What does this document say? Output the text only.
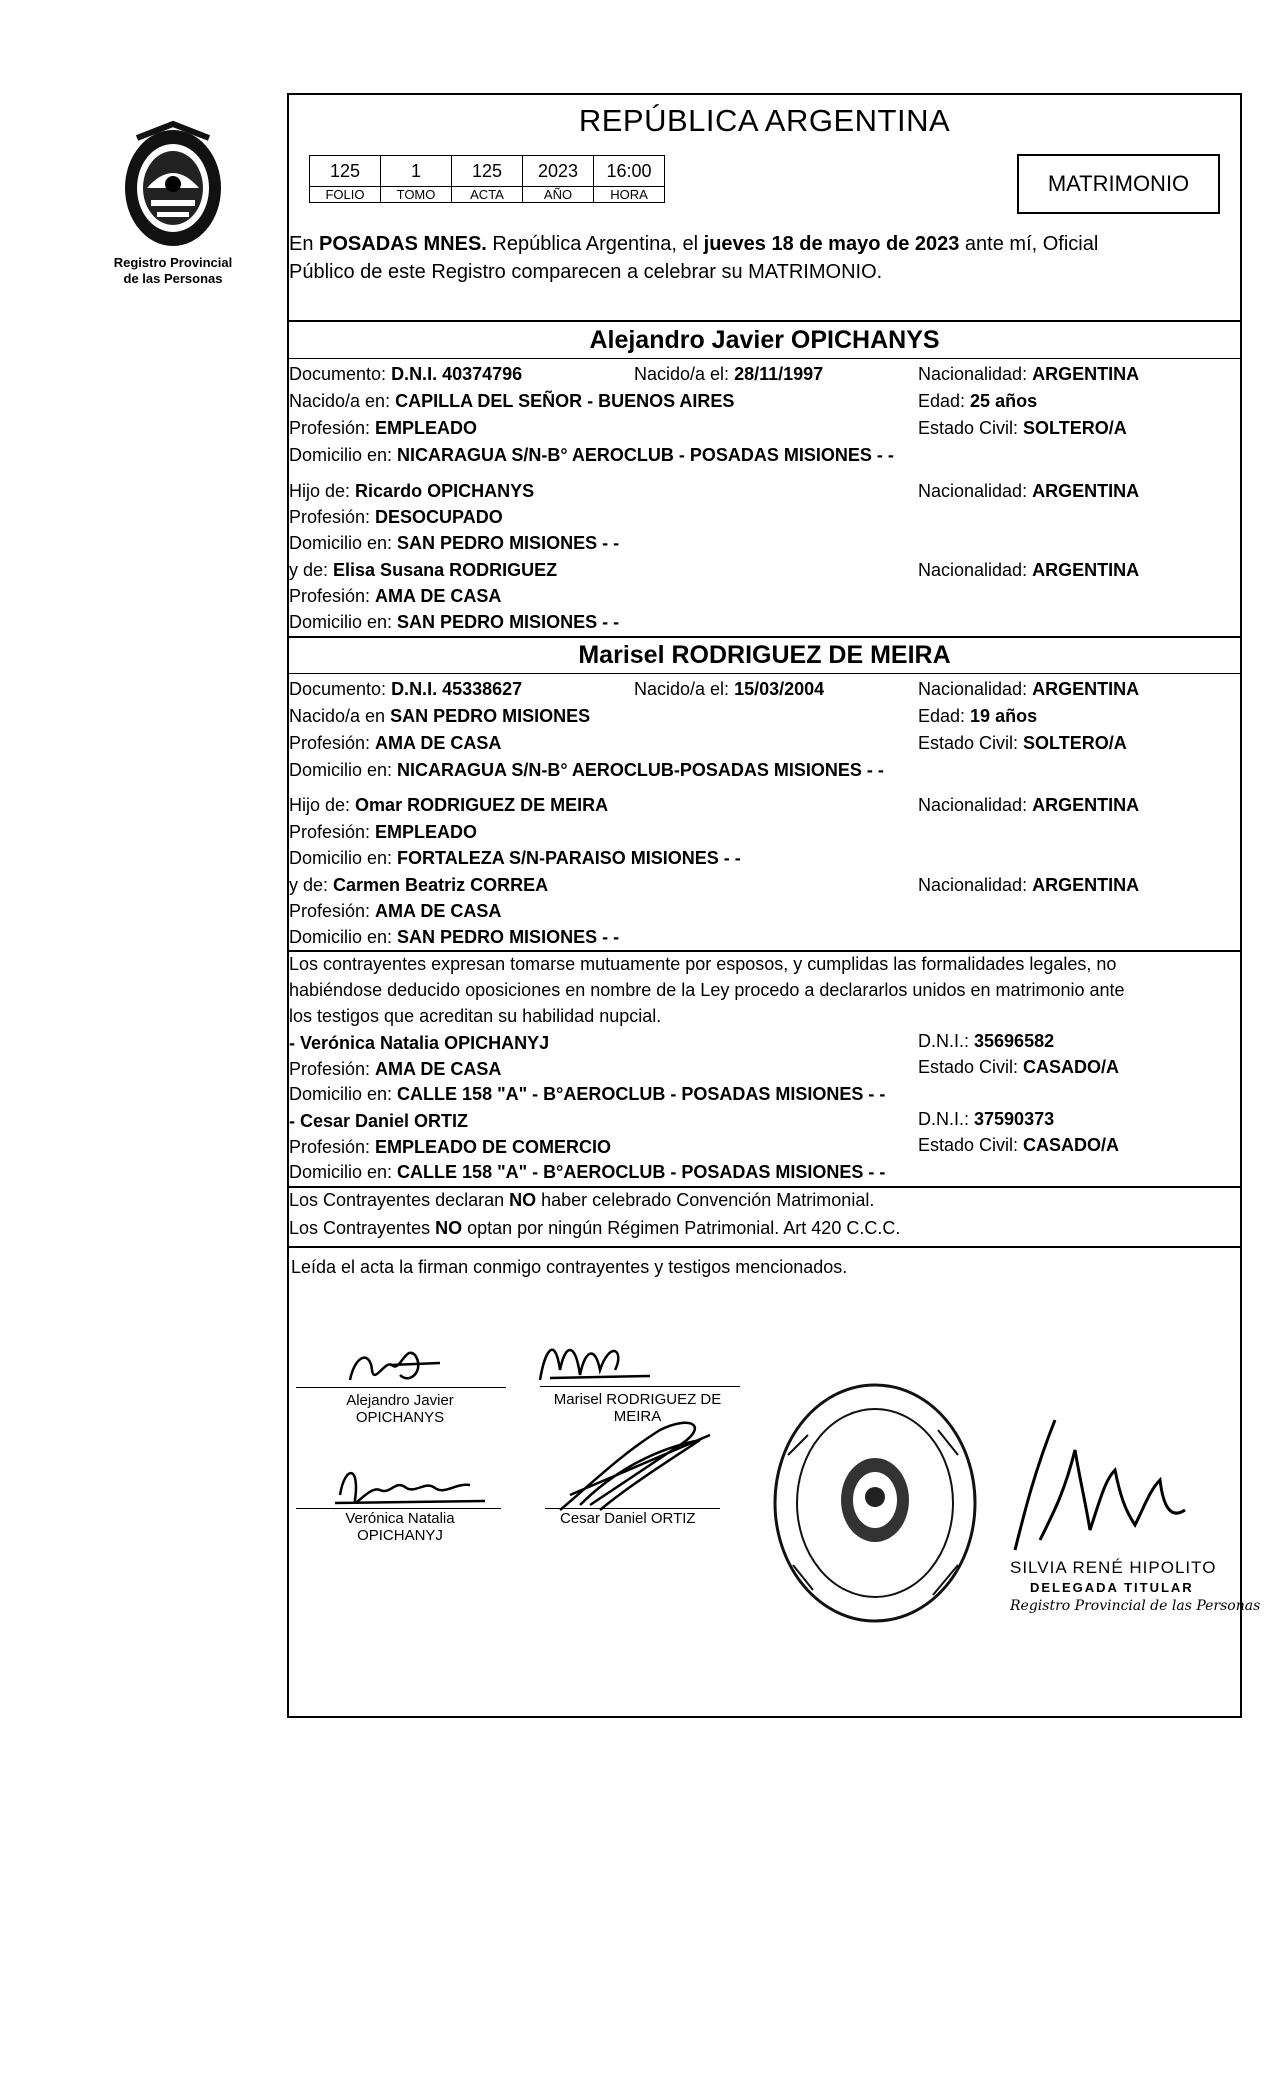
Registro Provincial
de las Personas
REPÚBLICA ARGENTINA
125	1	125	2023	16:00
FOLIO	TOMO	ACTA	AÑO	HORA	MATRIMONIO
En POSADAS MNES. República Argentina, el jueves 18 de mayo de 2023 ante mí, Oficial
Público de este Registro comparecen a celebrar su MATRIMONIO.
Alejandro Javier OPICHANYS
Documento: D.N.I. 40374796	Nacido/a el: 28/11/1997	Nacionalidad: ARGENTINA
Nacido/a en: CAPILLA DEL SEÑOR - BUENOS AIRES	Edad: 25 años
Profesión: EMPLEADO	Estado Civil: SOLTERO/A
Domicilio en: NICARAGUA S/N-B° AEROCLUB - POSADAS MISIONES - -
Hijo de: Ricardo OPICHANYS	Nacionalidad: ARGENTINA
Profesión: DESOCUPADO
Domicilio en: SAN PEDRO MISIONES - -
y de: Elisa Susana RODRIGUEZ	Nacionalidad: ARGENTINA
Profesión: AMA DE CASA
Domicilio en: SAN PEDRO MISIONES - -
Marisel RODRIGUEZ DE MEIRA
Documento: D.N.I. 45338627	Nacido/a el: 15/03/2004	Nacionalidad: ARGENTINA
Nacido/a en SAN PEDRO MISIONES	Edad: 19 años
Profesión: AMA DE CASA	Estado Civil: SOLTERO/A
Domicilio en: NICARAGUA S/N-B° AEROCLUB-POSADAS MISIONES - -
Hijo de: Omar RODRIGUEZ DE MEIRA	Nacionalidad: ARGENTINA
Profesión: EMPLEADO
Domicilio en: FORTALEZA S/N-PARAISO MISIONES - -
y de: Carmen Beatriz CORREA	Nacionalidad: ARGENTINA
Profesión: AMA DE CASA
Domicilio en: SAN PEDRO MISIONES - -
Los contrayentes expresan tomarse mutuamente por esposos, y cumplidas las formalidades legales, no
habiéndose deducido oposiciones en nombre de la Ley procedo a declararlos unidos en matrimonio ante
los testigos que acreditan su habilidad nupcial.
- Verónica Natalia OPICHANYJ	D.N.I.: 35696582
Profesión: AMA DE CASA	Estado Civil: CASADO/A
Domicilio en: CALLE 158 "A" - B°AEROCLUB - POSADAS MISIONES - -
- Cesar Daniel ORTIZ	D.N.I.: 37590373
Profesión: EMPLEADO DE COMERCIO	Estado Civil: CASADO/A
Domicilio en: CALLE 158 "A" - B°AEROCLUB - POSADAS MISIONES - -
Los Contrayentes declaran NO haber celebrado Convención Matrimonial.
Los Contrayentes NO optan por ningún Régimen Patrimonial. Art 420 C.C.C.
Leída el acta la firman conmigo contrayentes y testigos mencionados.
Alejandro Javier
OPICHANYS
Marisel RODRIGUEZ DE
MEIRA
Verónica Natalia
OPICHANYJ
Cesar Daniel ORTIZ
SILVIA RENÉ HIPOLITO
DELEGADA TITULAR
Registro Provincial de las Personas
